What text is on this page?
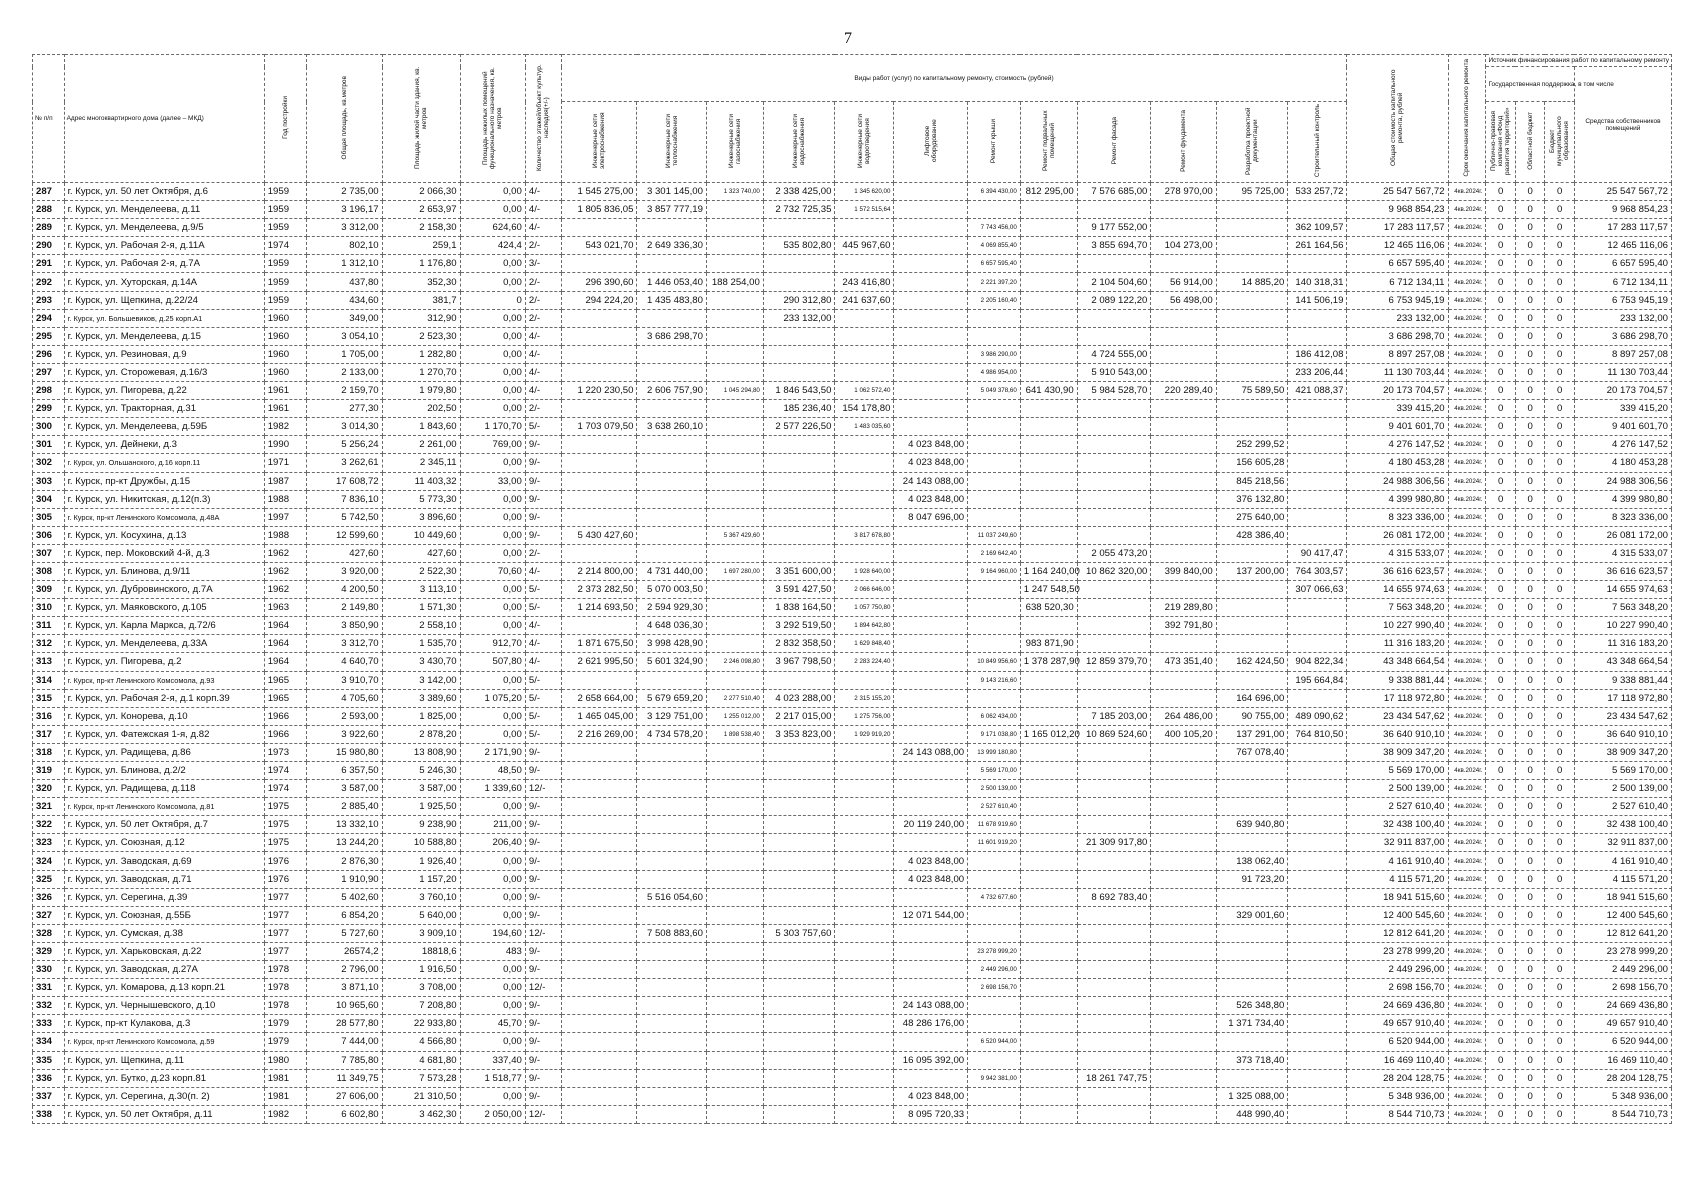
7
№ п/п	Адрес многоквартирного дома (далее – МКД)	Год постройки	Общая площадь, кв.метров	Площадь жилой части здания, кв. метров	Площадь нежилых помещений функционального назначения, кв. метров	Количество этажей/объект культур. наследия(+/-)	Виды работ (услуг) по капитальному ремонту, стоимость (рублей)												Общая стоимость капитального ремонта, рублей	Срок окончания капитального ремонта	Источник финансирования работ по капитальному ремонту			
																					Государственная поддержка, в том числе			Средства собственников помещений
							Инженерные сети электроснабжения	Инженерные сети теплоснабжения	Инженерные сети газоснабжения	Инженерные сети водоснабжения	Инженерные сети водоотведения	Лифтовое оборудование	Ремонт крыши	Ремонт подвальных помещений	Ремонт фасада	Ремонт фундамента	Разработка проектной документации	Строительный контроль			Публично-правовая компания «Фонд развития территорий»	Областной бюджет	Бюджет муниципального образования	
287	г. Курск, ул. 50 лет Октября, д.6	1959	2 735,00	2 066,30	0,00	4/-	1 545 275,00	3 301 145,00	1 323 740,00	2 338 425,00	1 345 620,00		6 394 430,00	812 295,00	7 576 685,00	278 970,00	95 725,00	533 257,72	25 547 567,72	4кв.2024г.	0	0	0	25 547 567,72
288	г. Курск, ул. Менделеева, д.11	1959	3 196,17	2 653,97	0,00	4/-	1 805 836,05	3 857 777,19		2 732 725,35	1 572 515,64								9 968 854,23	4кв.2024г.	0	0	0	9 968 854,23
289	г. Курск, ул. Менделеева, д.9/5	1959	3 312,00	2 158,30	624,60	4/-							7 743 456,00		9 177 552,00			362 109,57	17 283 117,57	4кв.2024г.	0	0	0	17 283 117,57
290	г. Курск, ул. Рабочая 2-я, д.11А	1974	802,10	259,1	424,4	2/-	543 021,70	2 649 336,30		535 802,80	445 967,60		4 069 855,40		3 855 694,70	104 273,00		261 164,56	12 465 116,06	4кв.2024г.	0	0	0	12 465 116,06
291	г. Курск, ул. Рабочая 2-я, д.7А	1959	1 312,10	1 176,80	0,00	3/-							6 657 595,40						6 657 595,40	4кв.2024г.	0	0	0	6 657 595,40
292	г. Курск, ул. Хуторская, д.14А	1959	437,80	352,30	0,00	2/-	296 390,60	1 446 053,40	188 254,00		243 416,80		2 221 397,20		2 104 504,60	56 914,00	14 885,20	140 318,31	6 712 134,11	4кв.2024г.	0	0	0	6 712 134,11
293	г. Курск, ул. Щепкина, д.22/24	1959	434,60	381,7	0	2/-	294 224,20	1 435 483,80		290 312,80	241 637,60		2 205 160,40		2 089 122,20	56 498,00		141 506,19	6 753 945,19	4кв.2024г.	0	0	0	6 753 945,19
294	г. Курск, ул. Большевиков, д.25 корп.А1	1960	349,00	312,90	0,00	2/-				233 132,00									233 132,00	4кв.2024г.	0	0	0	233 132,00
295	г. Курск, ул. Менделеева, д.15	1960	3 054,10	2 523,30	0,00	4/-		3 686 298,70											3 686 298,70	4кв.2024г.	0	0	0	3 686 298,70
296	г. Курск, ул. Резиновая, д.9	1960	1 705,00	1 282,80	0,00	4/-							3 986 290,00		4 724 555,00			186 412,08	8 897 257,08	4кв.2024г.	0	0	0	8 897 257,08
297	г. Курск, ул. Сторожевая, д.16/3	1960	2 133,00	1 270,70	0,00	4/-							4 986 954,00		5 910 543,00			233 206,44	11 130 703,44	4кв.2024г.	0	0	0	11 130 703,44
298	г. Курск, ул. Пигорева, д.22	1961	2 159,70	1 979,80	0,00	4/-	1 220 230,50	2 606 757,90	1 045 294,80	1 846 543,50	1 062 572,40		5 049 378,60	641 430,90	5 984 528,70	220 289,40	75 589,50	421 088,37	20 173 704,57	4кв.2024г.	0	0	0	20 173 704,57
299	г. Курск, ул. Тракторная, д.31	1961	277,30	202,50	0,00	2/-				185 236,40	154 178,80								339 415,20	4кв.2024г.	0	0	0	339 415,20
300	г. Курск, ул. Менделеева, д.59Б	1982	3 014,30	1 843,60	1 170,70	5/-	1 703 079,50	3 638 260,10		2 577 226,50	1 483 035,60								9 401 601,70	4кв.2024г.	0	0	0	9 401 601,70
301	г. Курск, ул. Дейнеки, д.3	1990	5 256,24	2 261,00	769,00	9/-						4 023 848,00					252 299,52		4 276 147,52	4кв.2024г.	0	0	0	4 276 147,52
302	г. Курск, ул. Ольшанского, д.16 корп.11	1971	3 262,61	2 345,11	0,00	9/-						4 023 848,00					156 605,28		4 180 453,28	4кв.2024г.	0	0	0	4 180 453,28
303	г. Курск, пр-кт Дружбы, д.15	1987	17 608,72	11 403,32	33,00	9/-						24 143 088,00					845 218,56		24 988 306,56	4кв.2024г.	0	0	0	24 988 306,56
304	г. Курск, ул. Никитская, д.12(п.3)	1988	7 836,10	5 773,30	0,00	9/-						4 023 848,00					376 132,80		4 399 980,80	4кв.2024г.	0	0	0	4 399 980,80
305	г. Курск, пр-кт Ленинского Комсомола, д.48А	1997	5 742,50	3 896,60	0,00	9/-						8 047 696,00					275 640,00		8 323 336,00	4кв.2024г.	0	0	0	8 323 336,00
306	г. Курск, ул. Косухина, д.13	1988	12 599,60	10 449,60	0,00	9/-	5 430 427,60		5 367 429,60		3 817 678,80		11 037 249,60				428 386,40		26 081 172,00	4кв.2024г.	0	0	0	26 081 172,00
307	г. Курск, пер. Моковский 4-й, д.3	1962	427,60	427,60	0,00	2/-							2 169 642,40		2 055 473,20			90 417,47	4 315 533,07	4кв.2024г.	0	0	0	4 315 533,07
308	г. Курск, ул. Блинова, д.9/11	1962	3 920,00	2 522,30	70,60	4/-	2 214 800,00	4 731 440,00	1 697 280,00	3 351 600,00	1 928 640,00		9 164 960,00	1 164 240,00	10 862 320,00	399 840,00	137 200,00	764 303,57	36 616 623,57	4кв.2024г.	0	0	0	36 616 623,57
309	г. Курск, ул. Дубровинского, д.7А	1962	4 200,50	3 113,10	0,00	5/-	2 373 282,50	5 070 003,50		3 591 427,50	2 066 646,00			1 247 548,50				307 066,63	14 655 974,63	4кв.2024г.	0	0	0	14 655 974,63
310	г. Курск, ул. Маяковского, д.105	1963	2 149,80	1 571,30	0,00	5/-	1 214 693,50	2 594 929,30		1 838 164,50	1 057 750,80			638 520,30		219 289,80			7 563 348,20	4кв.2024г.	0	0	0	7 563 348,20
311	г. Курск, ул. Карла Маркса, д.72/6	1964	3 850,90	2 558,10	0,00	4/-		4 648 036,30		3 292 519,50	1 894 642,80					392 791,80			10 227 990,40	4кв.2024г.	0	0	0	10 227 990,40
312	г. Курск, ул. Менделеева, д.33А	1964	3 312,70	1 535,70	912,70	4/-	1 871 675,50	3 998 428,90		2 832 358,50	1 629 848,40			983 871,90					11 316 183,20	4кв.2024г.	0	0	0	11 316 183,20
313	г. Курск, ул. Пигорева, д.2	1964	4 640,70	3 430,70	507,80	4/-	2 621 995,50	5 601 324,90	2 246 098,80	3 967 798,50	2 283 224,40		10 849 956,60	1 378 287,90	12 859 379,70	473 351,40	162 424,50	904 822,34	43 348 664,54	4кв.2024г.	0	0	0	43 348 664,54
314	г. Курск, пр-кт Ленинского Комсомола, д.93	1965	3 910,70	3 142,00	0,00	5/-							9 143 216,60					195 664,84	9 338 881,44	4кв.2024г.	0	0	0	9 338 881,44
315	г. Курск, ул. Рабочая 2-я, д.1 корп.39	1965	4 705,60	3 389,60	1 075,20	5/-	2 658 664,00	5 679 659,20	2 277 510,40	4 023 288,00	2 315 155,20						164 696,00		17 118 972,80	4кв.2024г.	0	0	0	17 118 972,80
316	г. Курск, ул. Конорева, д.10	1966	2 593,00	1 825,00	0,00	5/-	1 465 045,00	3 129 751,00	1 255 012,00	2 217 015,00	1 275 756,00		6 062 434,00		7 185 203,00	264 486,00	90 755,00	489 090,62	23 434 547,62	4кв.2024г.	0	0	0	23 434 547,62
317	г. Курск, ул. Фатежская 1-я, д.82	1966	3 922,60	2 878,20	0,00	5/-	2 216 269,00	4 734 578,20	1 898 538,40	3 353 823,00	1 929 919,20		9 171 038,80	1 165 012,20	10 869 524,60	400 105,20	137 291,00	764 810,50	36 640 910,10	4кв.2024г.	0	0	0	36 640 910,10
318	г. Курск, ул. Радищева, д.86	1973	15 980,80	13 808,90	2 171,90	9/-						24 143 088,00	13 999 180,80				767 078,40		38 909 347,20	4кв.2024г.	0	0	0	38 909 347,20
319	г. Курск, ул. Блинова, д.2/2	1974	6 357,50	5 246,30	48,50	9/-							5 569 170,00						5 569 170,00	4кв.2024г.	0	0	0	5 569 170,00
320	г. Курск, ул. Радищева, д.118	1974	3 587,00	3 587,00	1 339,60	12/-							2 500 139,00						2 500 139,00	4кв.2024г.	0	0	0	2 500 139,00
321	г. Курск, пр-кт Ленинского Комсомола, д.81	1975	2 885,40	1 925,50	0,00	9/-							2 527 610,40						2 527 610,40	4кв.2024г.	0	0	0	2 527 610,40
322	г. Курск, ул. 50 лет Октября, д.7	1975	13 332,10	9 238,90	211,00	9/-						20 119 240,00	11 678 919,60				639 940,80		32 438 100,40	4кв.2024г.	0	0	0	32 438 100,40
323	г. Курск, ул. Союзная, д.12	1975	13 244,20	10 588,80	206,40	9/-							11 601 919,20		21 309 917,80				32 911 837,00	4кв.2024г.	0	0	0	32 911 837,00
324	г. Курск, ул. Заводская, д.69	1976	2 876,30	1 926,40	0,00	9/-						4 023 848,00					138 062,40		4 161 910,40	4кв.2024г.	0	0	0	4 161 910,40
325	г. Курск, ул. Заводская, д.71	1976	1 910,90	1 157,20	0,00	9/-						4 023 848,00					91 723,20		4 115 571,20	4кв.2024г.	0	0	0	4 115 571,20
326	г. Курск, ул. Серегина, д.39	1977	5 402,60	3 760,10	0,00	9/-		5 516 054,60					4 732 677,60		8 692 783,40				18 941 515,60	4кв.2024г.	0	0	0	18 941 515,60
327	г. Курск, ул. Союзная, д.55Б	1977	6 854,20	5 640,00	0,00	9/-						12 071 544,00					329 001,60		12 400 545,60	4кв.2024г.	0	0	0	12 400 545,60
328	г. Курск, ул. Сумская, д.38	1977	5 727,60	3 909,10	194,60	12/-		7 508 883,60		5 303 757,60									12 812 641,20	4кв.2024г.	0	0	0	12 812 641,20
329	г. Курск, ул. Харьковская, д.22	1977	26574,2	18818,6	483	9/-							23 278 999,20						23 278 999,20	4кв.2024г.	0	0	0	23 278 999,20
330	г. Курск, ул. Заводская, д.27А	1978	2 796,00	1 916,50	0,00	9/-							2 449 296,00						2 449 296,00	4кв.2024г.	0	0	0	2 449 296,00
331	г. Курск, ул. Комарова, д.13 корп.21	1978	3 871,10	3 708,00	0,00	12/-							2 698 156,70						2 698 156,70	4кв.2024г.	0	0	0	2 698 156,70
332	г. Курск, ул. Чернышевского, д.10	1978	10 965,60	7 208,80	0,00	9/-						24 143 088,00					526 348,80		24 669 436,80	4кв.2024г.	0	0	0	24 669 436,80
333	г. Курск, пр-кт Кулакова, д.3	1979	28 577,80	22 933,80	45,70	9/-						48 286 176,00					1 371 734,40		49 657 910,40	4кв.2024г.	0	0	0	49 657 910,40
334	г. Курск, пр-кт Ленинского Комсомола, д.59	1979	7 444,00	4 566,80	0,00	9/-							6 520 944,00						6 520 944,00	4кв.2024г.	0	0	0	6 520 944,00
335	г. Курск, ул. Щепкина, д.11	1980	7 785,80	4 681,80	337,40	9/-						16 095 392,00					373 718,40		16 469 110,40	4кв.2024г.	0	0	0	16 469 110,40
336	г. Курск, ул. Бутко, д.23 корп.81	1981	11 349,75	7 573,28	1 518,77	9/-							9 942 381,00		18 261 747,75				28 204 128,75	4кв.2024г.	0	0	0	28 204 128,75
337	г. Курск, ул. Серегина, д.30(п. 2)	1981	27 606,00	21 310,50	0,00	9/-						4 023 848,00					1 325 088,00		5 348 936,00	4кв.2024г.	0	0	0	5 348 936,00
338	г. Курск, ул. 50 лет Октября, д.11	1982	6 602,80	3 462,30	2 050,00	12/-						8 095 720,33					448 990,40		8 544 710,73	4кв.2024г.	0	0	0	8 544 710,73
